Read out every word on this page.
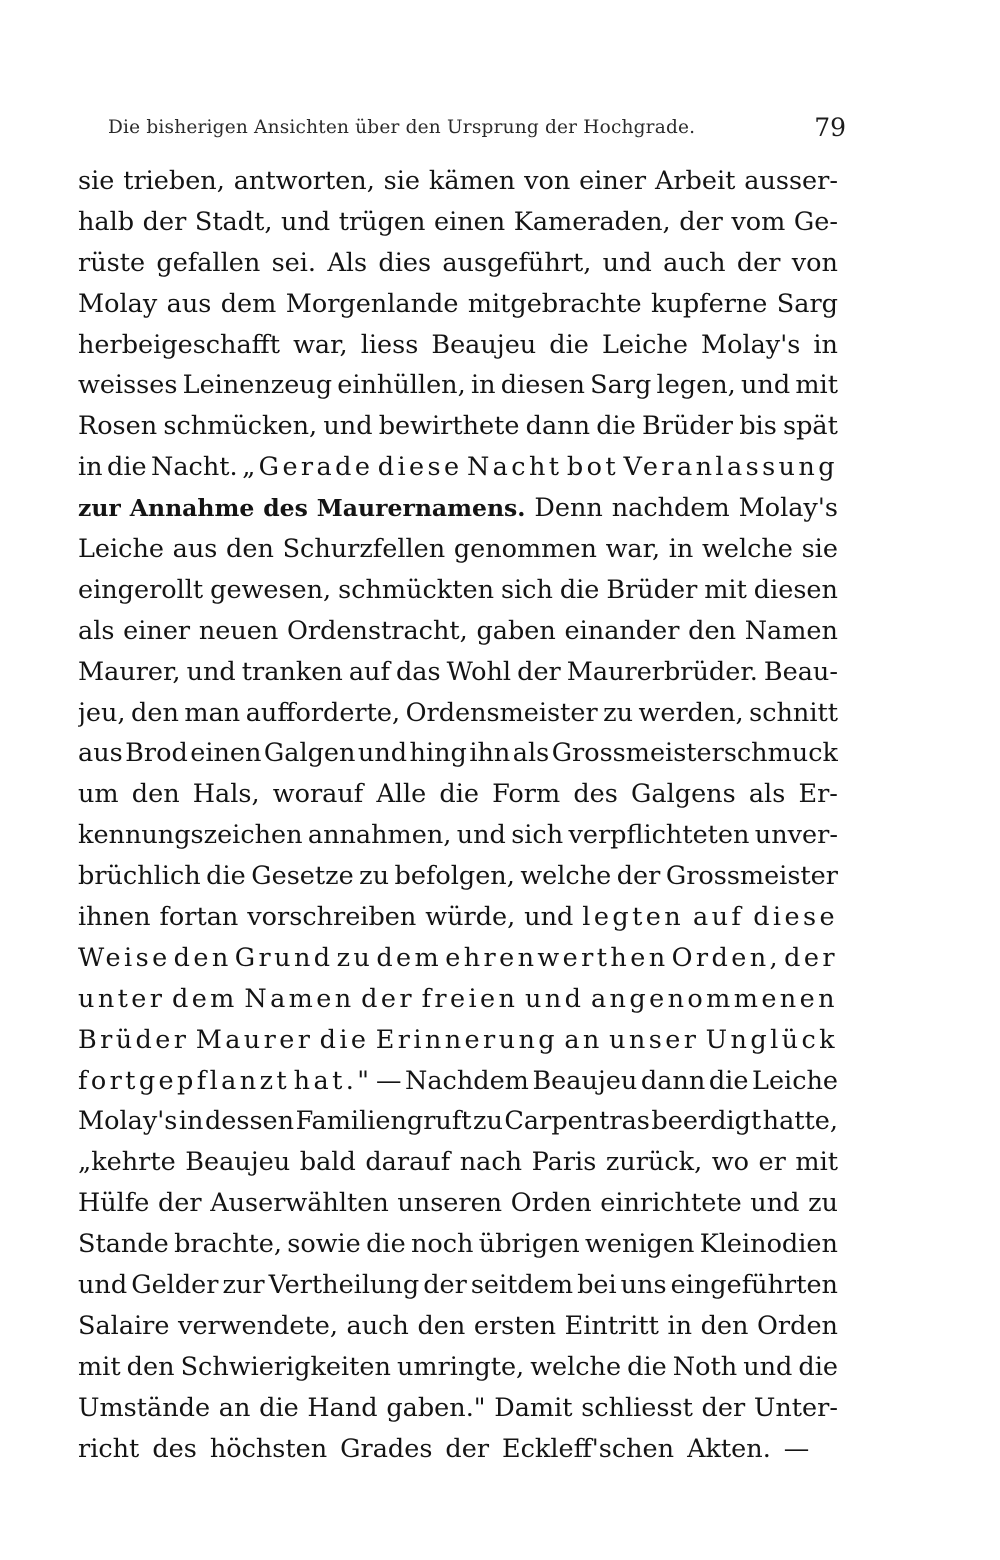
Die bisherigen Ansichten über den Ursprung der Hochgrade.	79
sie trieben, antworten, sie kämen von einer Arbeit ausser-
halb der Stadt, und trügen einen Kameraden, der vom Ge-
rüste gefallen sei. Als dies ausgeführt, und auch der von
Molay aus dem Morgenlande mitgebrachte kupferne Sarg
herbeigeschafft war, liess Beaujeu die Leiche Molay's in
weisses Leinenzeug einhüllen, in diesen Sarg legen, und mit
Rosen schmücken, und bewirthete dann die Brüder bis spät
in die Nacht. „Gerade diese Nacht bot Veranlassung
zur Annahme des Maurernamens. Denn nachdem Molay's
Leiche aus den Schurzfellen genommen war, in welche sie
eingerollt gewesen, schmückten sich die Brüder mit diesen
als einer neuen Ordenstracht, gaben einander den Namen
Maurer, und tranken auf das Wohl der Maurerbrüder. Beau-
jeu, den man aufforderte, Ordensmeister zu werden, schnitt
aus Brod einen Galgen und hing ihn als Grossmeisterschmuck
um den Hals, worauf Alle die Form des Galgens als Er-
kennungszeichen annahmen, und sich verpflichteten unver-
brüchlich die Gesetze zu befolgen, welche der Grossmeister
ihnen fortan vorschreiben würde, und legten auf diese
Weise den Grund zu dem ehrenwerthen Orden, der
unter dem Namen der freien und angenommenen
Brüder Maurer die Erinnerung an unser Unglück
fortgepflanzt hat." — Nachdem Beaujeu dann die Leiche
Molay's in dessen Familiengruft zu Carpentras beerdigt hatte,
„kehrte Beaujeu bald darauf nach Paris zurück, wo er mit
Hülfe der Auserwählten unseren Orden einrichtete und zu
Stande brachte, sowie die noch übrigen wenigen Kleinodien
und Gelder zur Vertheilung der seitdem bei uns eingeführten
Salaire verwendete, auch den ersten Eintritt in den Orden
mit den Schwierigkeiten umringte, welche die Noth und die
Umstände an die Hand gaben." Damit schliesst der Unter-
richt des höchsten Grades der Eckleff'schen Akten. —
